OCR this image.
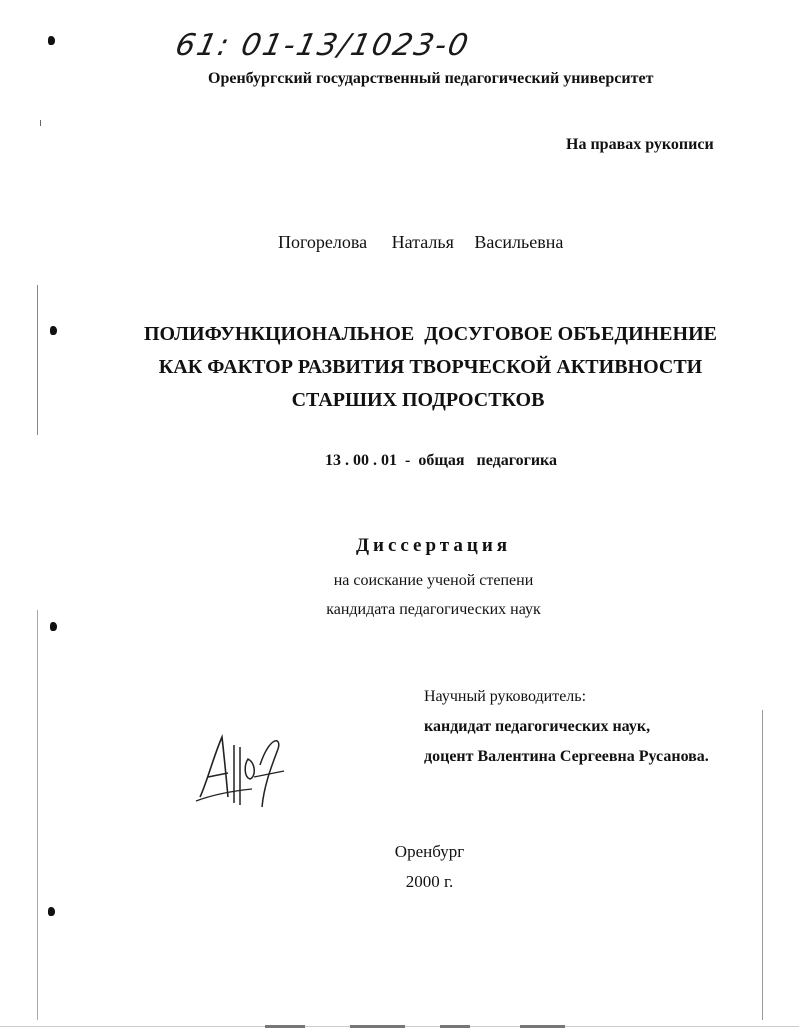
61: 01-13/1023-0
Оренбургский государственный педагогический университет
На правах рукописи
Погорелова Наталья Васильевна
ПОЛИФУНКЦИОНАЛЬНОЕ  ДОСУГОВОЕ ОБЪЕДИНЕНИЕ
КАК ФАКТОР РАЗВИТИЯ ТВОРЧЕСКОЙ АКТИВНОСТИ
СТАРШИХ ПОДРОСТКОВ
13 . 00 . 01  -  общая   педагогика
Диссертация
на соискание ученой степени
кандидата педагогических наук
Научный руководитель:
кандидат педагогических наук,
доцент Валентина Сергеевна Русанова.
Оренбург
2000 г.
